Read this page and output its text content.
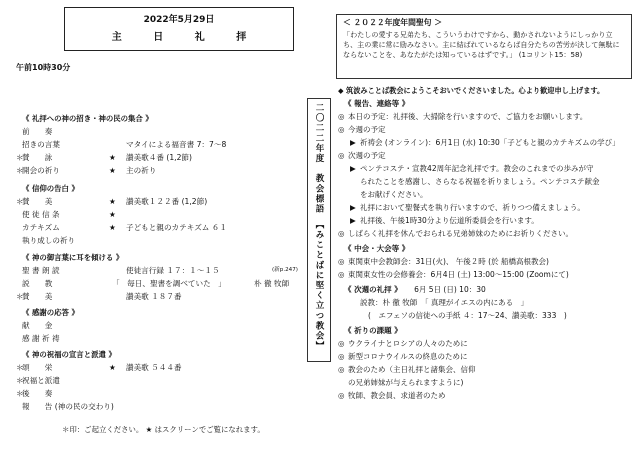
2022年5月29日
主 日 礼 拝
午前10時30分
《 礼拝への神の招き・神の民の集合 》
前　　奏
招きの言葉	マタイによる福音書 7：7～8
＊
賛　　詠	★ 讃美歌４番 (1,2節)
＊
開会の祈り	★ 主の祈り
《 信仰の告白 》
＊
賛　　美	★ 讃美歌１２２番 (1,2節)
使 徒 信 条	★
カテキズム	★ 子どもと親のカテキズム ６１
執り成しの祈り
《 神の御言葉に耳を傾ける 》
聖 書 朗 読	使徒言行録 １７：１～１５	(新p.247)
説　　教	「　毎日、聖書を調べていた　」	朴 徹 牧師
＊
賛　　美	讃美歌 １８７番
《 感謝の応答 》
献　　金
感 謝 祈 祷
《 神の祝福の宣言と派遣 》
＊
頌　　栄	★ 讃美歌 ５４４番
＊
祝福と派遣
＊
後　　奏
報　　告 (神の民の交わり)
＊印：ご起立ください。 ★ はスクリーンでご覧になれます。
二〇二二年度　教会標語　【みことばに堅く立つ教会】
＜ ２０２２年度年間聖句 ＞
「わたしの愛する兄弟たち、こういうわけですから、動かされないようにしっかり立ち、主の業に常に励みなさい。主に結ばれているならば自分たちの苦労が決して無駄にならないことを、あなたがたは知っているはずです。」 (1コリント15：58)
◆ 筑波みことば教会にようこそおいでくださいました。心より歓迎申し上げます。
《 報告、連絡等 》
◎ 本日の予定：礼拝後、大掃除を行いますので、ご協力をお願いします。
◎ 今週の予定
▶ 祈祷会 (オンライン)：6月1日 (水) 10:30「子どもと親のカテキズムの学び」
◎ 次週の予定
▶ ペンテコステ・宣教42周年記念礼拝です。教会のこれまでの歩みが守
られたことを感謝し、さらなる祝福を祈りましょう。ペンテコステ献金
をお献げください。
▶ 礼拝において聖餐式を執り行いますので、祈りつつ備えましょう。
▶ 礼拝後、午後1時30分より伝道所委員会を行います。
◎ しばらく礼拝を休んでおられる兄弟姉妹のためにお祈りください。
《 中会・大会等 》
◎ 東関東中会教師会：31日(火)、 午後２時 (於 船橋高根教会)
◎ 東関東女性の会修養会：6月4日 (土) 13:00～15:00 (Zoomにて)
《 次週の礼拝 》 6月 5日 (日) 10：30
説教：朴 徹 牧師　「 真理がイエスの内にある　」
(　エフェソの信徒への手紙 ４：17～24、讃美歌：333　)
《 祈りの課題 》
◎ ウクライナとロシアの人々のために
◎ 新型コロナウイルスの終息のために
◎ 教会のため（主日礼拝と諸集会、信仰
の兄弟姉妹が与えられますように)
◎ 牧師、教会員、求道者のため
